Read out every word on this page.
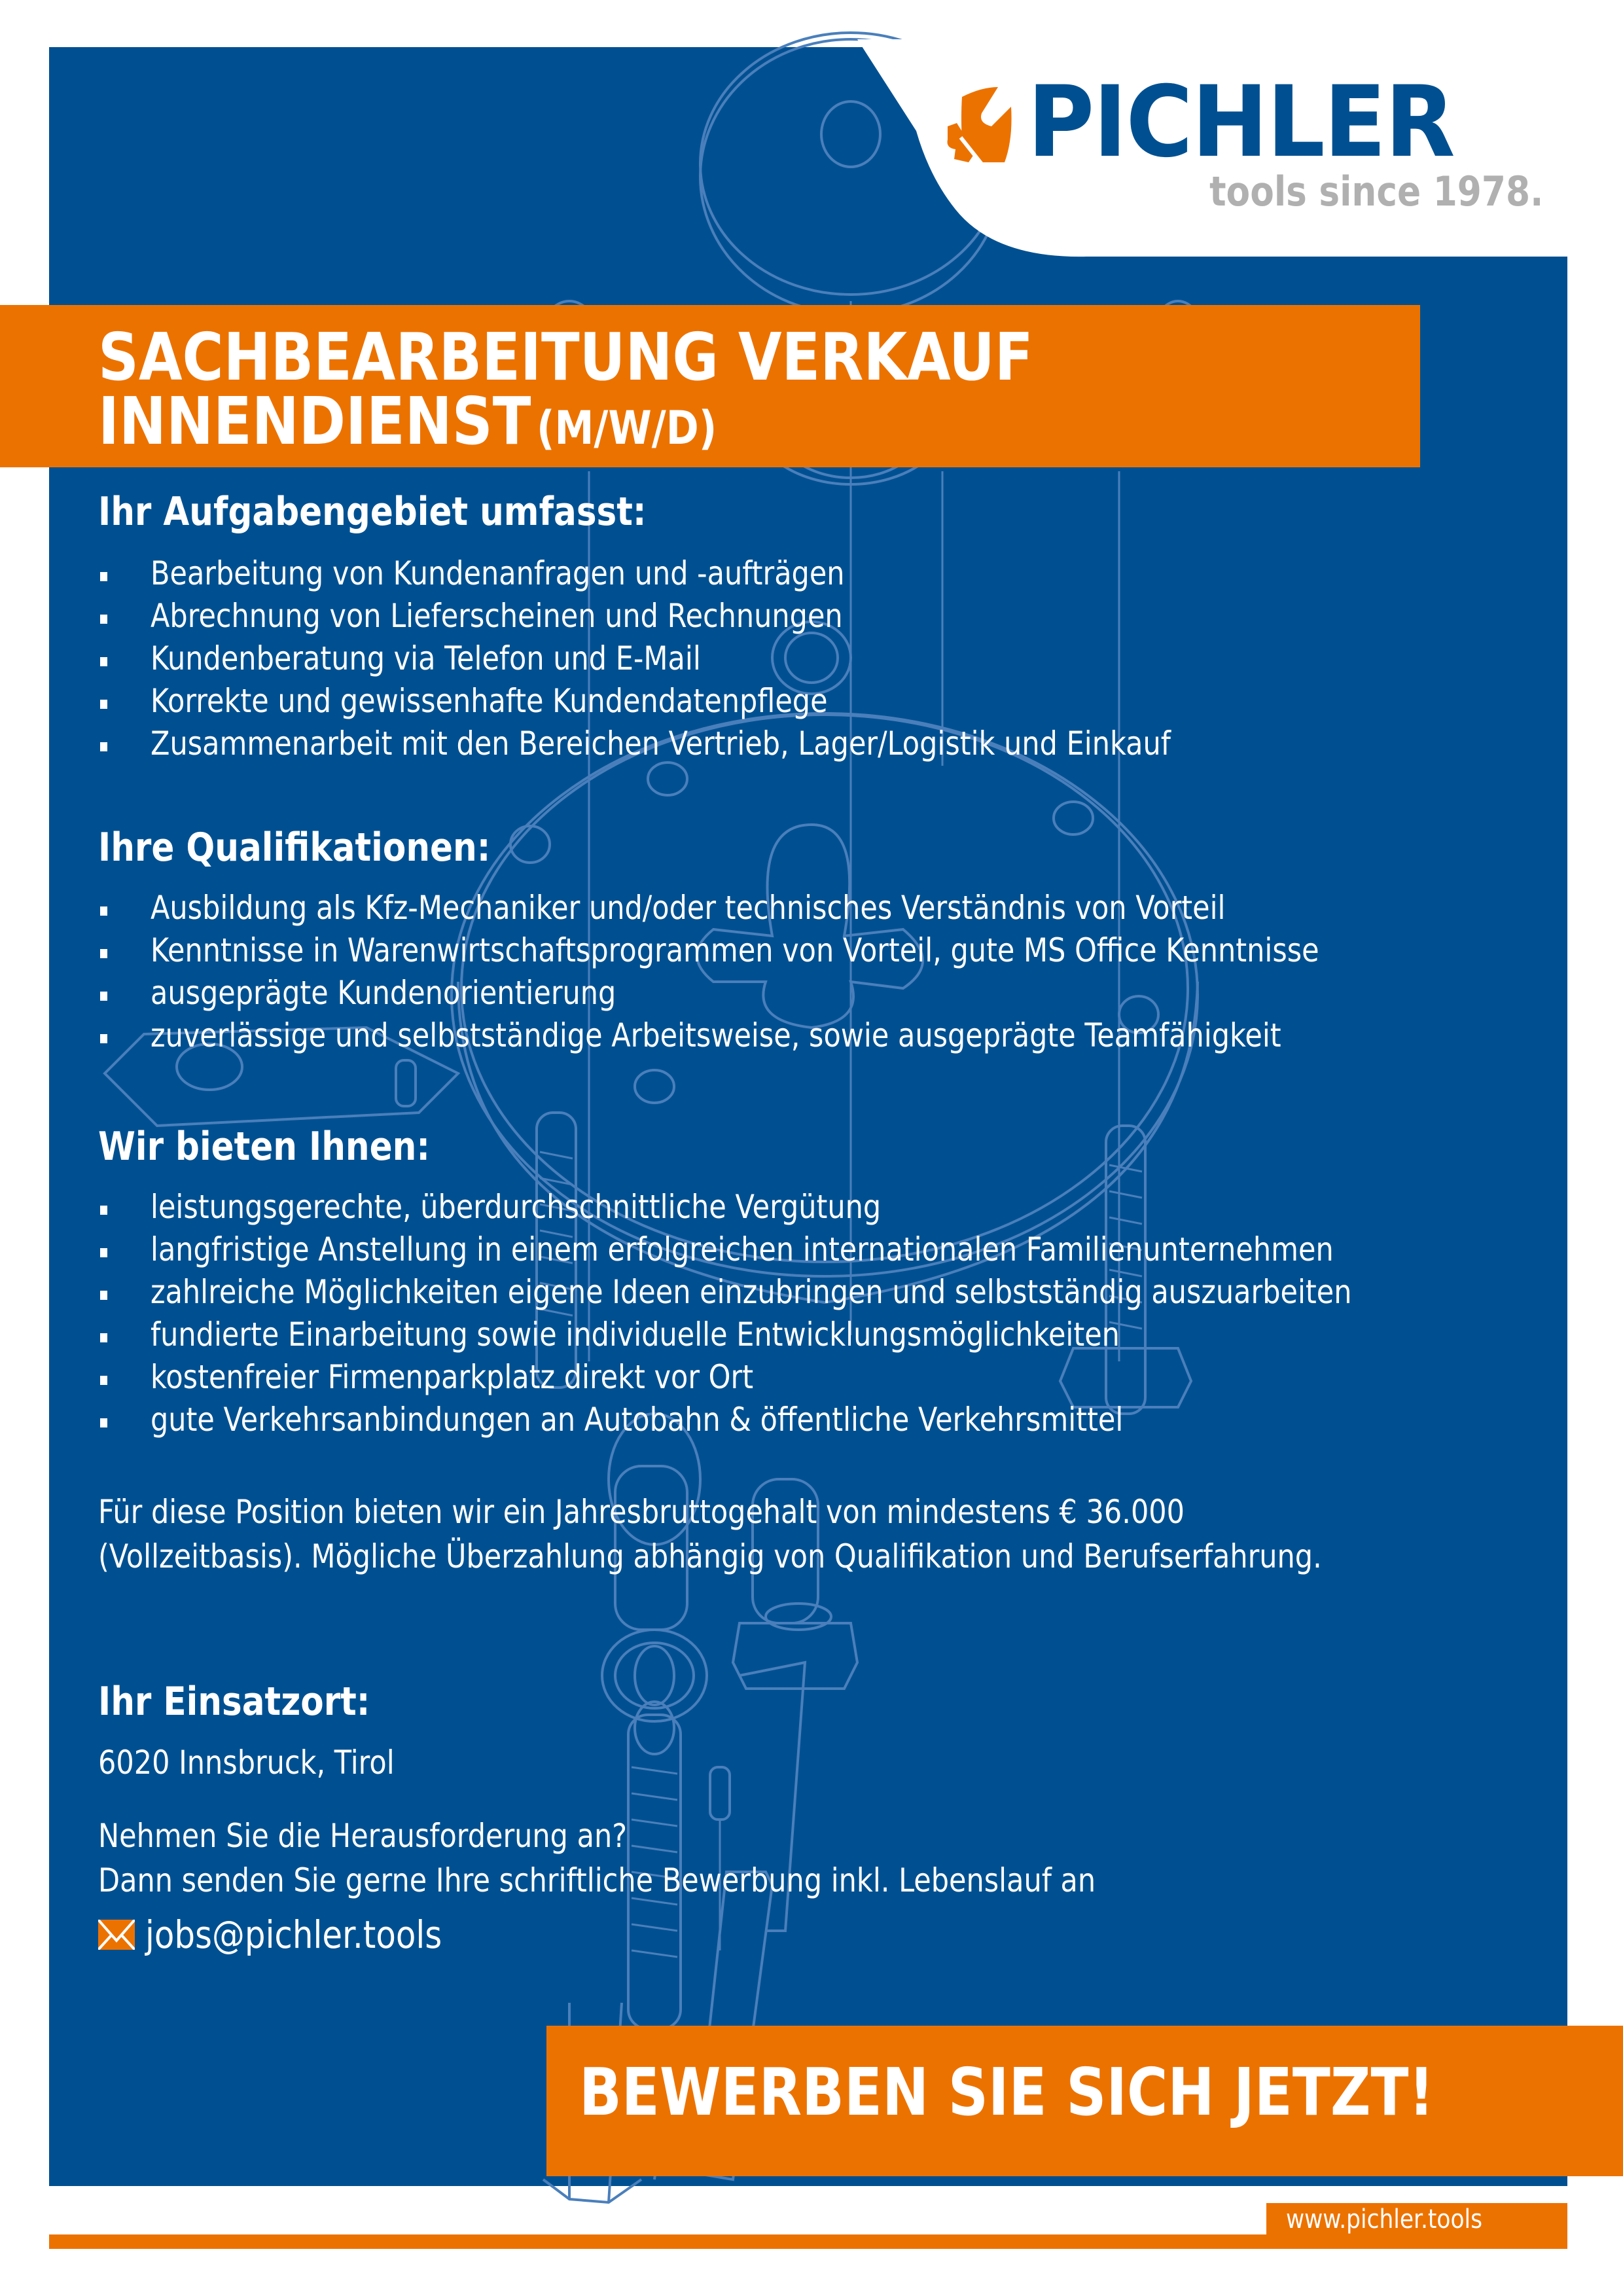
PICHLER
tools since 1978.
SACHBEARBEITUNG VERKAUF
INNENDIENST (M/W/D)
Ihr Aufgabengebiet umfasst:
Bearbeitung von Kundenanfragen und -aufträgen
Abrechnung von Lieferscheinen und Rechnungen
Kundenberatung via Telefon und E-Mail
Korrekte und gewissenhafte Kundendatenpflege
Zusammenarbeit mit den Bereichen Vertrieb, Lager/Logistik und Einkauf
Ihre Qualifikationen:
Ausbildung als Kfz-Mechaniker und/oder technisches Verständnis von Vorteil
Kenntnisse in Warenwirtschaftsprogrammen von Vorteil, gute MS Office Kenntnisse
ausgeprägte Kundenorientierung
zuverlässige und selbstständige Arbeitsweise, sowie ausgeprägte Teamfähigkeit
Wir bieten Ihnen:
leistungsgerechte, überdurchschnittliche Vergütung
langfristige Anstellung in einem erfolgreichen internationalen Familienunternehmen
zahlreiche Möglichkeiten eigene Ideen einzubringen und selbstständig auszuarbeiten
fundierte Einarbeitung sowie individuelle Entwicklungsmöglichkeiten
kostenfreier Firmenparkplatz direkt vor Ort
gute Verkehrsanbindungen an Autobahn & öffentliche Verkehrsmittel
Für diese Position bieten wir ein Jahresbruttogehalt von mindestens € 36.000
(Vollzeitbasis). Mögliche Überzahlung abhängig von Qualifikation und Berufserfahrung.
Ihr Einsatzort:
6020 Innsbruck, Tirol
Nehmen Sie die Herausforderung an?
Dann senden Sie gerne Ihre schriftliche Bewerbung inkl. Lebenslauf an
jobs@pichler.tools
BEWERBEN SIE SICH JETZT!
www.pichler.tools
